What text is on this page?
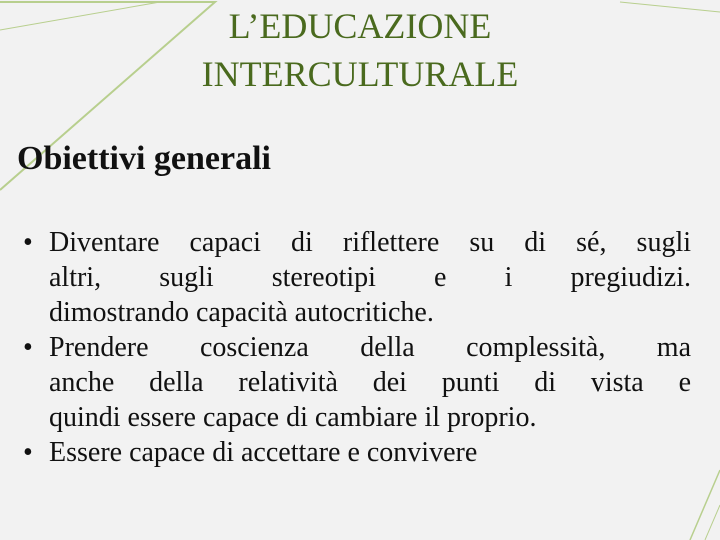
L’EDUCAZIONE
INTERCULTURALE
Obiettivi generali
• Diventare capaci di riflettere su di sé, sugli
altri, sugli stereotipi e i pregiudizi.
dimostrando capacità autocritiche.
• Prendere coscienza della complessità, ma
anche della relatività dei punti di vista e
quindi essere capace di cambiare il proprio.
• Essere capace di accettare e convivere
